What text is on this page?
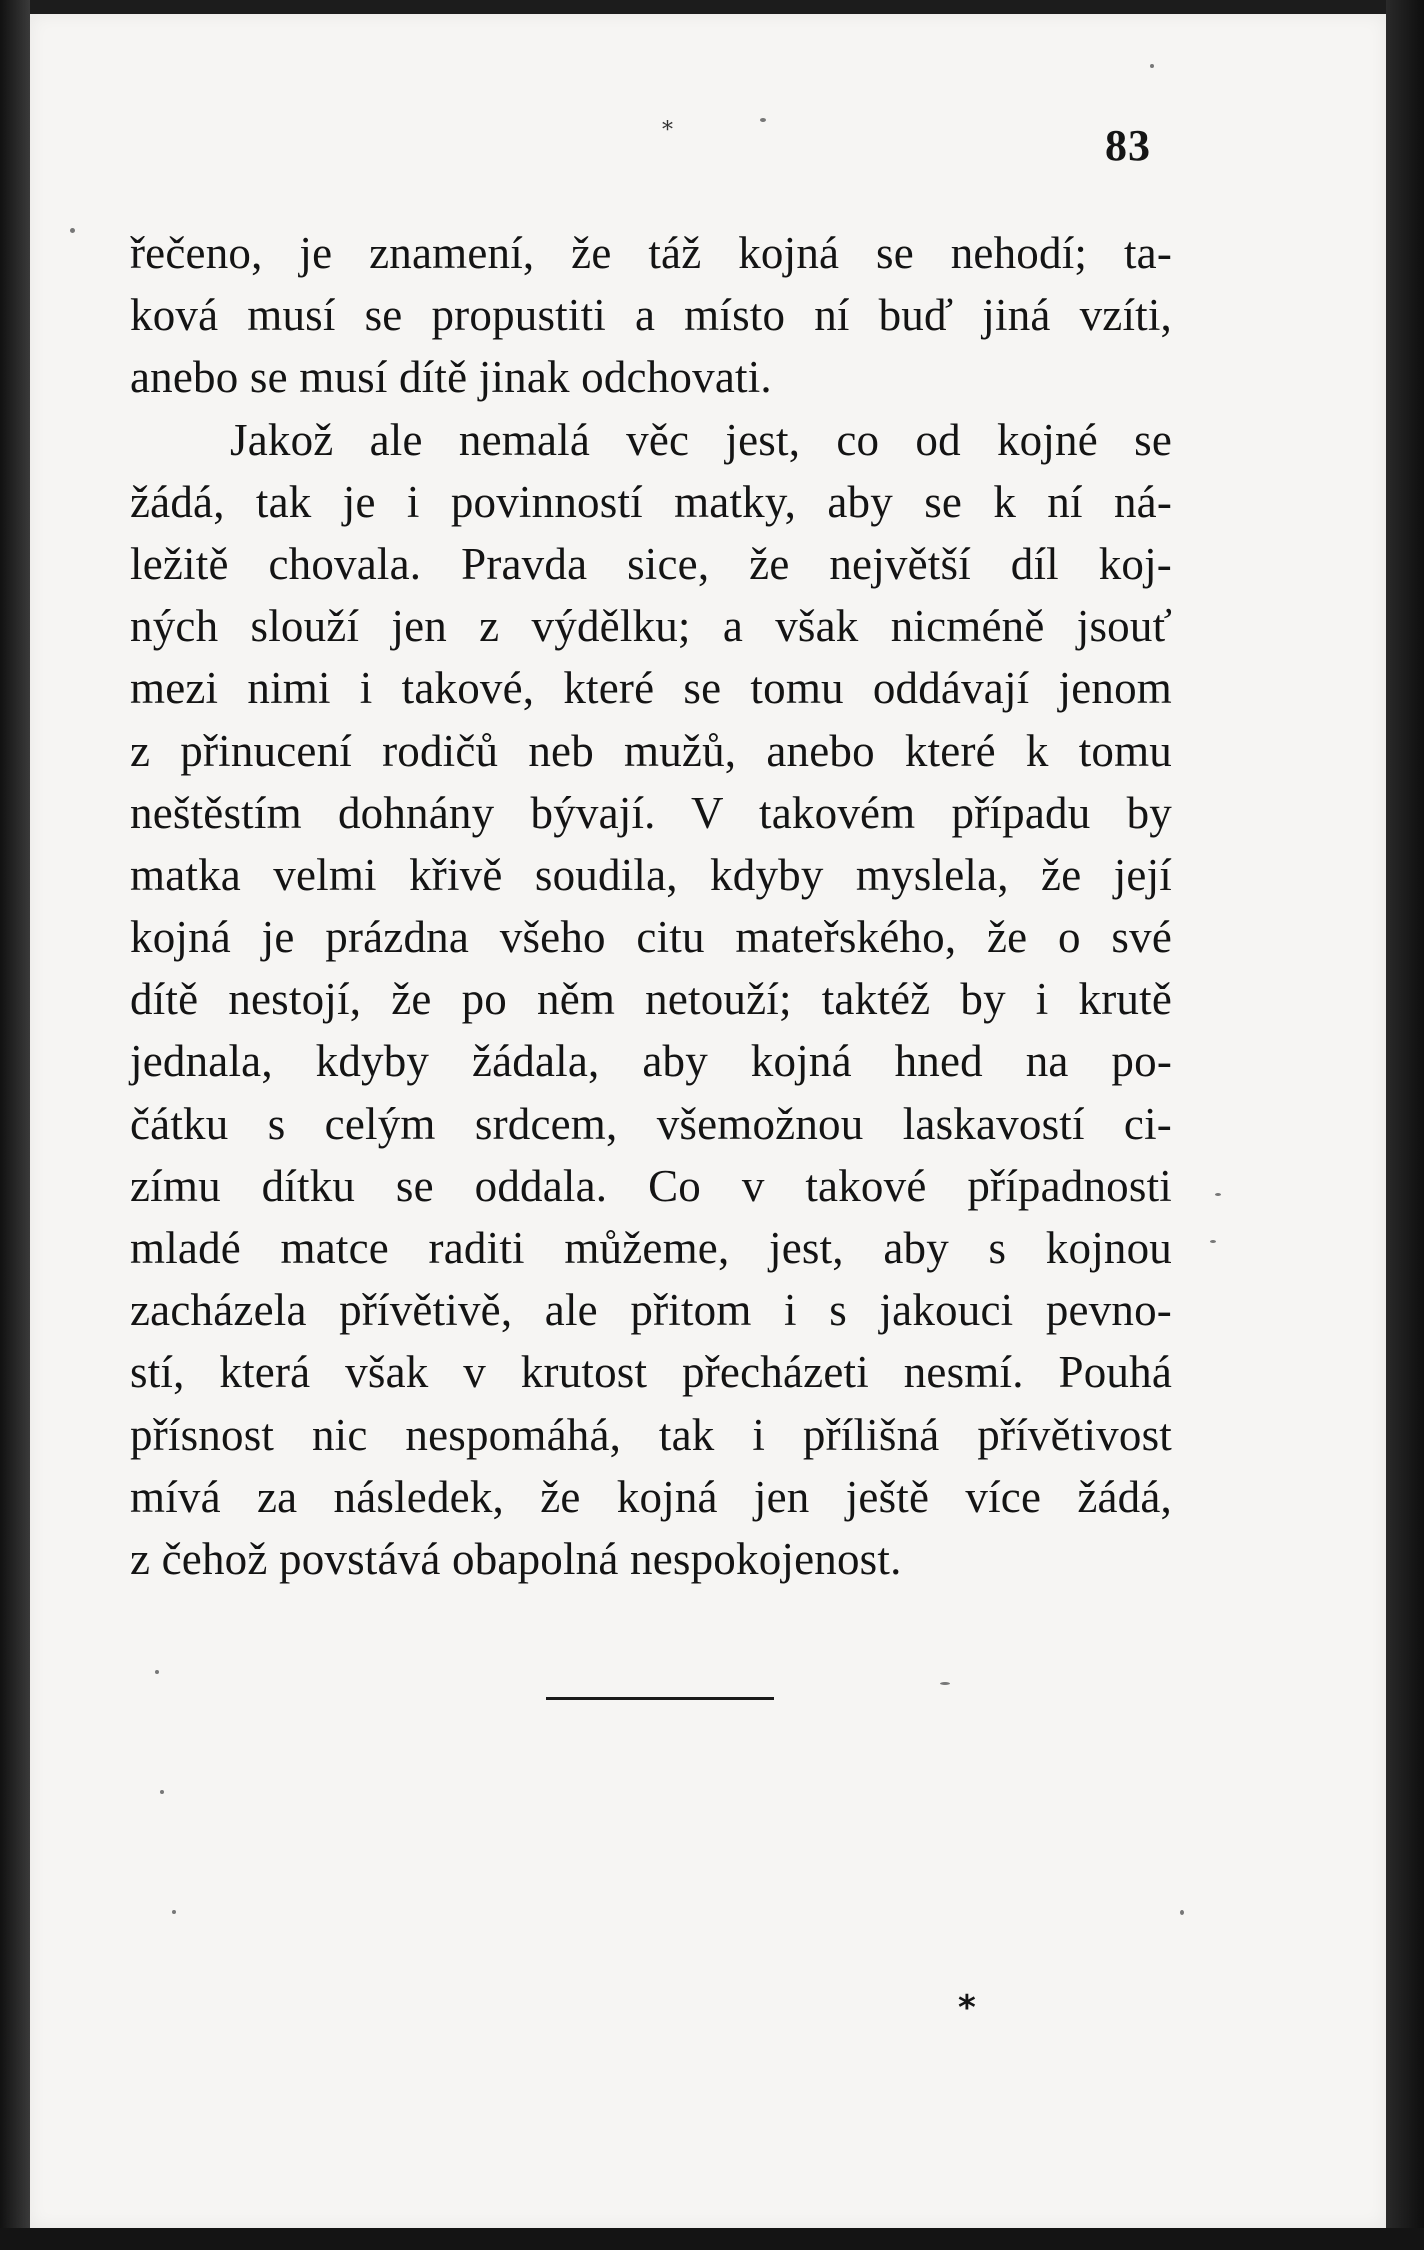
*	83
řečeno, je znamení, že táž kojná se nehodí; ta-
ková musí se propustiti a místo ní buď jiná vzíti,
anebo se musí dítě jinak odchovati.
Jakož ale nemalá věc jest, co od kojné se
žádá, tak je i povinností matky, aby se k ní ná-
ležitě chovala. Pravda sice, že největší díl koj-
ných slouží jen z výdělku; a však nicméně jsouť
mezi nimi i takové, které se tomu oddávají jenom
z přinucení rodičů neb mužů, anebo které k tomu
neštěstím dohnány bývají. V takovém případu by
matka velmi křivě soudila, kdyby myslela, že její
kojná je prázdna všeho citu mateřského, že o své
dítě nestojí, že po něm netouží; taktéž by i krutě
jednala, kdyby žádala, aby kojná hned na po-
čátku s celým srdcem, všemožnou laskavostí ci-
zímu dítku se oddala. Co v takové případnosti
mladé matce raditi můžeme, jest, aby s kojnou
zacházela přívětivě, ale přitom i s jakouci pevno-
stí, která však v krutost přecházeti nesmí. Pouhá
přísnost nic nespomáhá, tak i přílišná přívětivost
mívá za následek, že kojná jen ještě více žádá,
z čehož povstává obapolná nespokojenost.
*
